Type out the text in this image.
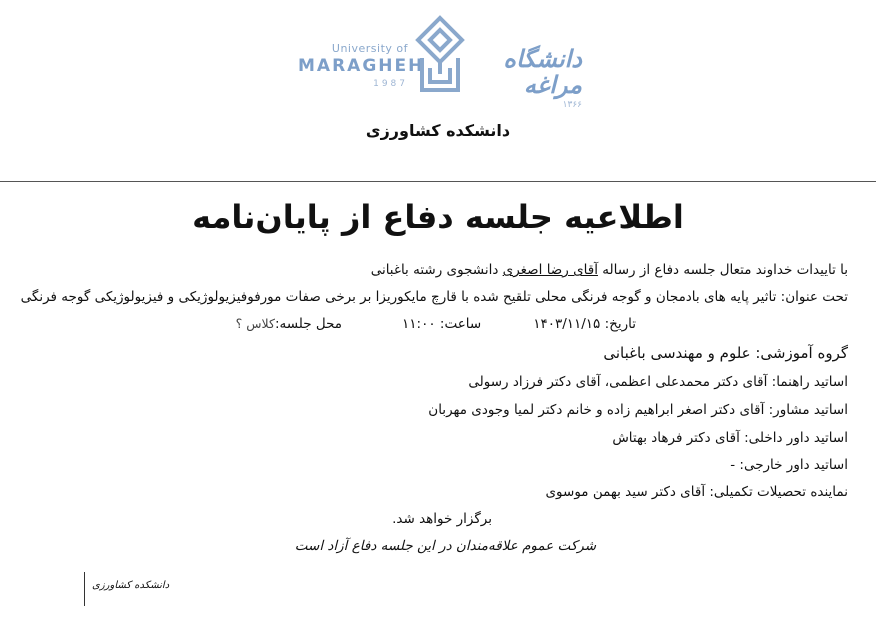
University of
MARAGHEH
1987
دانشگاه مراغه
۱۳۶۶
دانشکده کشاورزی
اطلاعیه جلسه دفاع از پایان‌نامه
با تاییدات خداوند متعال جلسه دفاع از رساله آقای رضا اصغری دانشجوی رشته باغبانی
تحت عنوان: تاثیر پایه های بادمجان و گوجه فرنگی محلی تلقیح شده با قارچ مایکوریزا بر برخی صفات مورفوفیزیولوژیکی و فیزیولوژیکی گوجه فرنگی
تاریخ: ۱۴۰۳/۱۱/۱۵ساعت: ۱۱:۰۰محل جلسه:کلاس ؟
گروه آموزشی: علوم و مهندسی باغبانی
اساتید راهنما: آقای دکتر محمدعلی اعظمی، آقای دکتر فرزاد رسولی
اساتید مشاور: آقای دکتر اصغر ابراهیم زاده و خانم دکتر لمیا وجودی مهربان
اساتید داور داخلی: آقای دکتر فرهاد بهتاش
اساتید داور خارجی: -
نماینده تحصیلات تکمیلی: آقای دکتر سید بهمن موسوی
برگزار خواهد شد.
شرکت عموم علاقه‌مندان در این جلسه دفاع آزاد است
دانشکده کشاورزی
